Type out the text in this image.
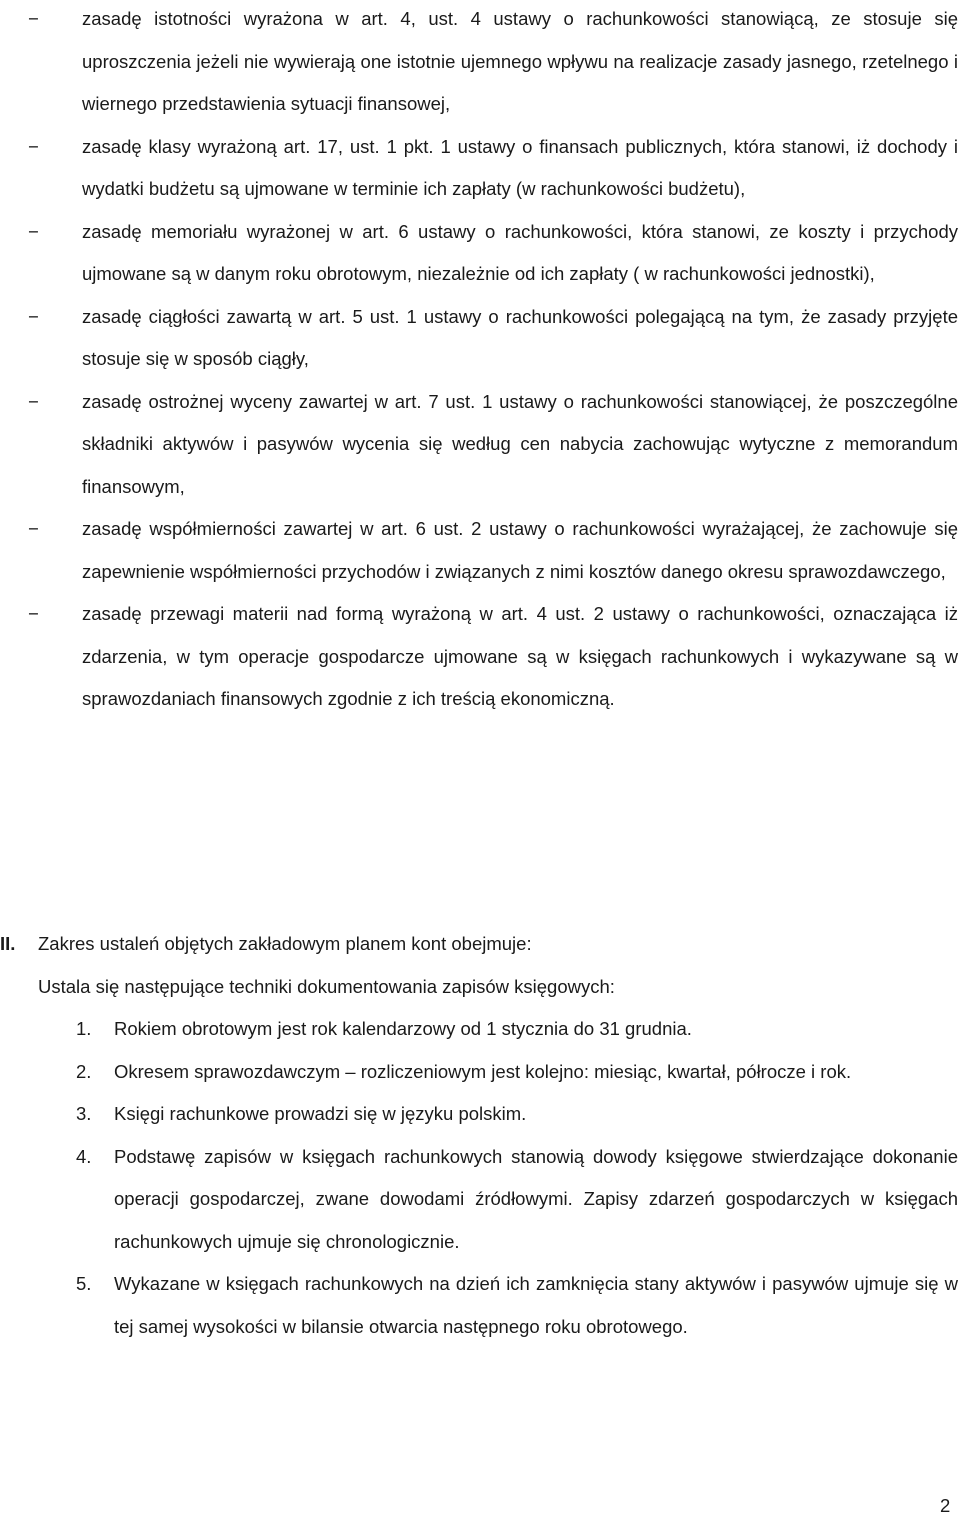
−	zasadę istotności wyrażona w art. 4, ust. 4 ustawy o rachunkowości stanowiącą, ze stosuje się uproszczenia jeżeli nie wywierają one istotnie ujemnego wpływu na realizacje zasady jasnego, rzetelnego i wiernego przedstawienia sytuacji finansowej,
−	zasadę klasy wyrażoną art. 17, ust. 1 pkt. 1 ustawy o finansach publicznych, która stanowi, iż dochody i wydatki budżetu są ujmowane w terminie ich zapłaty (w rachunkowości budżetu),
−	zasadę memoriału wyrażonej w art. 6 ustawy o rachunkowości, która stanowi, ze koszty i przychody ujmowane są w danym roku obrotowym, niezależnie od ich zapłaty ( w rachunkowości jednostki),
−	zasadę ciągłości zawartą w art. 5 ust. 1 ustawy o rachunkowości polegającą na tym, że zasady przyjęte stosuje się w sposób ciągły,
−	zasadę ostrożnej wyceny zawartej w art. 7 ust. 1 ustawy o rachunkowości stanowiącej, że poszczególne składniki aktywów i pasywów wycenia się według cen nabycia zachowując wytyczne z memorandum finansowym,
−	zasadę współmierności zawartej w art. 6 ust. 2 ustawy o rachunkowości wyrażającej, że zachowuje się zapewnienie współmierności przychodów i związanych z nimi kosztów danego okresu sprawozdawczego,
−	zasadę przewagi materii nad formą wyrażoną w art. 4 ust. 2 ustawy o rachunkowości, oznaczająca iż zdarzenia, w tym operacje gospodarcze ujmowane są w księgach rachunkowych i wykazywane są w sprawozdaniach finansowych zgodnie z ich treścią ekonomiczną.
II. Zakres ustaleń objętych zakładowym planem kont obejmuje:
Ustala się następujące techniki dokumentowania zapisów księgowych:
1. Rokiem obrotowym jest rok kalendarzowy od 1 stycznia do 31 grudnia.
2. Okresem sprawozdawczym – rozliczeniowym jest kolejno: miesiąc, kwartał, półrocze i rok.
3. Księgi rachunkowe prowadzi się w języku polskim.
4. Podstawę zapisów w księgach rachunkowych stanowią dowody księgowe stwierdzające dokonanie operacji gospodarczej, zwane dowodami źródłowymi. Zapisy zdarzeń gospodarczych w księgach rachunkowych ujmuje się chronologicznie.
5. Wykazane w księgach rachunkowych na dzień ich zamknięcia stany aktywów i pasywów ujmuje się w tej samej wysokości w bilansie otwarcia następnego roku obrotowego.
2
